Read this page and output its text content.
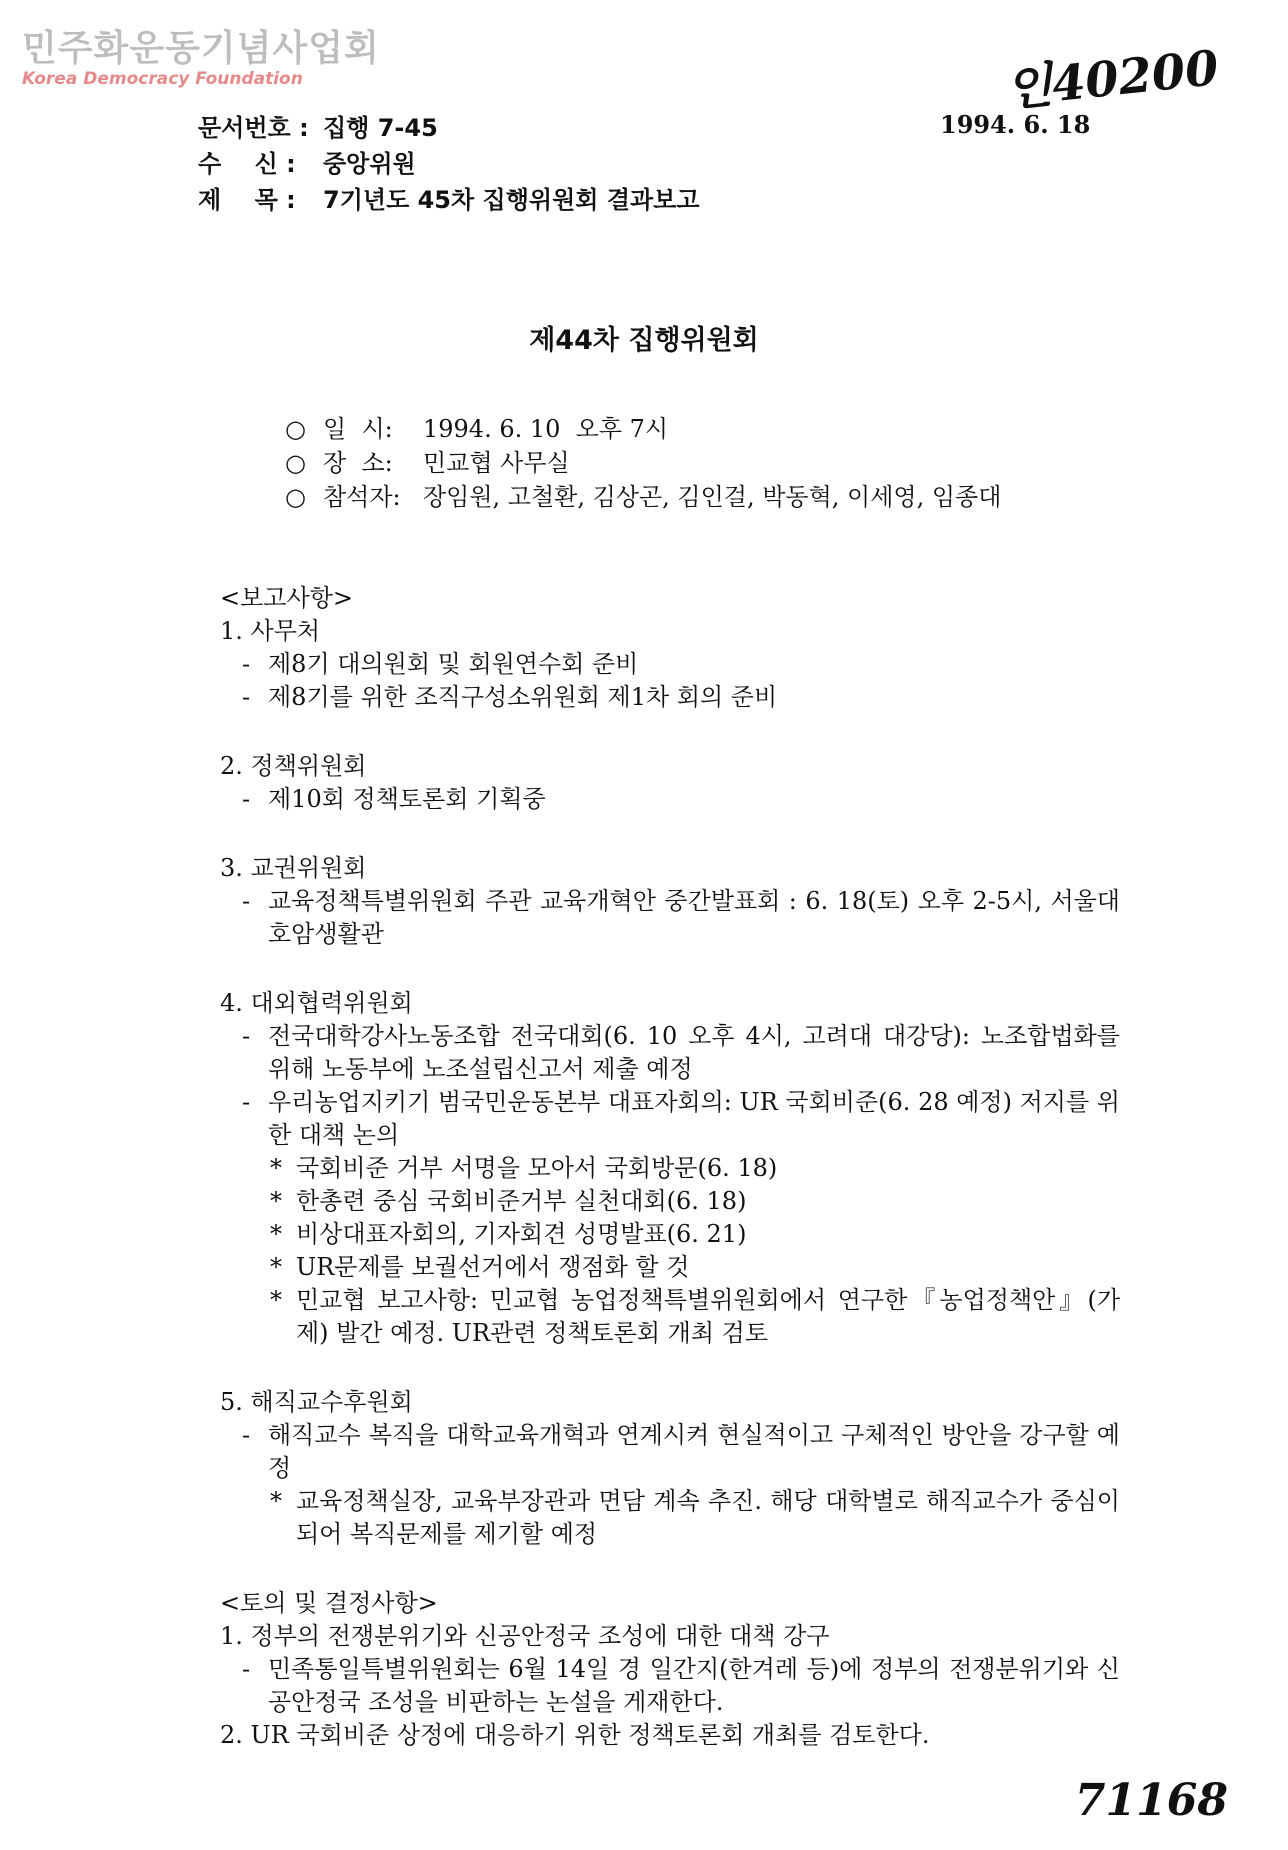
민주화운동기념사업회
Korea Democracy Foundation	인40200
문서번호 : 집행 7-45
수    신 :	중앙위원
제    목 :	7기년도 45차 집행위원회 결과보고
1994. 6. 18
제44차 집행위원회
○ 일  시:	1994. 6. 10  오후 7시
○ 장  소:	민교협 사무실
○ 참석자: 장임원, 고철환, 김상곤, 김인걸, 박동혁, 이세영, 임종대
<보고사항>
1. 사무처
- 제8기 대의원회 및 회원연수회 준비
- 제8기를 위한 조직구성소위원회 제1차 회의 준비
2. 정책위원회
- 제10회 정책토론회 기획중
3. 교권위원회
- 교육정책특별위원회 주관 교육개혁안 중간발표회 : 6. 18(토) 오후 2-5시, 서울대 호암생활관
4. 대외협력위원회
- 전국대학강사노동조합 전국대회(6. 10 오후 4시, 고려대 대강당): 노조합법화를 위해 노동부에 노조설립신고서 제출 예정
- 우리농업지키기 범국민운동본부 대표자회의: UR 국회비준(6. 28 예정) 저지를 위한 대책 논의
* 국회비준 거부 서명을 모아서 국회방문(6. 18)
* 한총련 중심 국회비준거부 실천대회(6. 18)
* 비상대표자회의, 기자회견 성명발표(6. 21)
* UR문제를 보궐선거에서 쟁점화 할 것
* 민교협 보고사항: 민교협 농업정책특별위원회에서 연구한『농업정책안』(가제) 발간 예정. UR관련 정책토론회 개최 검토
5. 해직교수후원회
- 해직교수 복직을 대학교육개혁과 연계시켜 현실적이고 구체적인 방안을 강구할 예정
* 교육정책실장, 교육부장관과 면담 계속 추진. 해당 대학별로 해직교수가 중심이 되어 복직문제를 제기할 예정
<토의 및 결정사항>
1. 정부의 전쟁분위기와 신공안정국 조성에 대한 대책 강구
- 민족통일특별위원회는 6월 14일 경 일간지(한겨레 등)에 정부의 전쟁분위기와 신공안정국 조성을 비판하는 논설을 게재한다.
2. UR 국회비준 상정에 대응하기 위한 정책토론회 개최를 검토한다.
71168
